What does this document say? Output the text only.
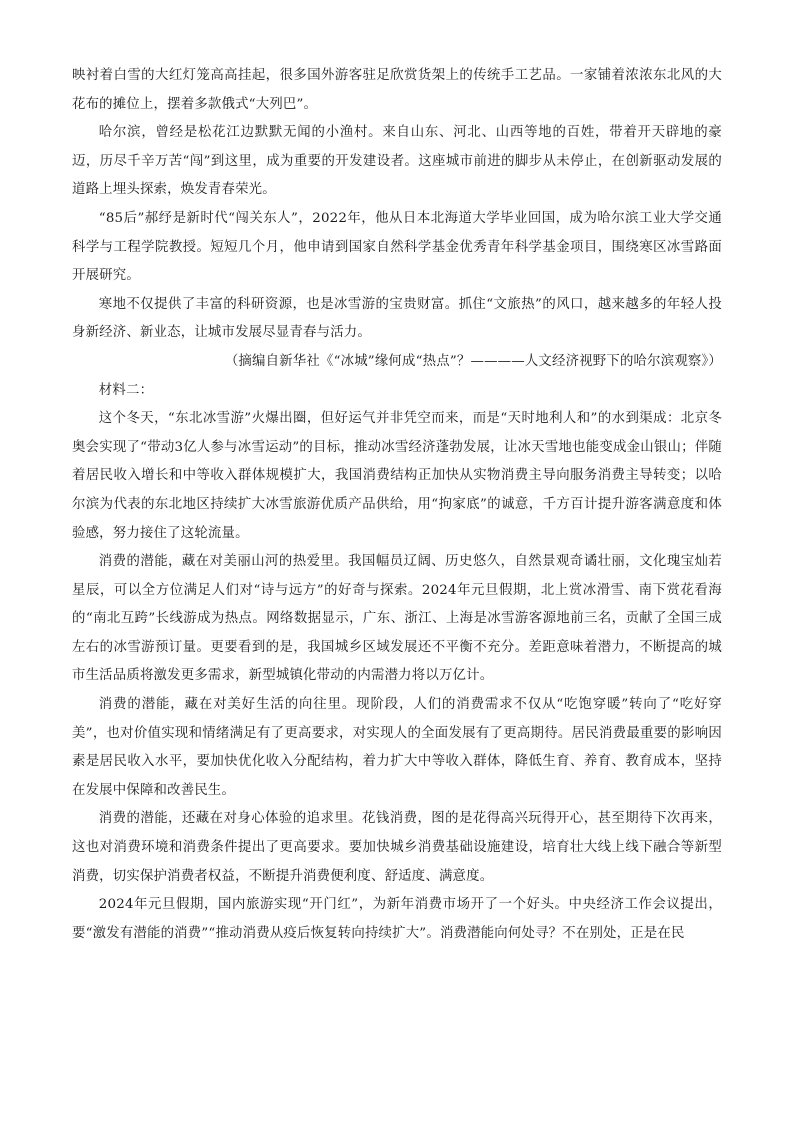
映衬着白雪的大红灯笼高高挂起，很多国外游客驻足欣赏货架上的传统手工艺品。一家铺着浓浓东北风的大花布的摊位上，摆着多款俄式“大列巴”。

哈尔滨，曾经是松花江边默默无闻的小渔村。来自山东、河北、山西等地的百姓，带着开天辟地的豪迈，历尽千辛万苦“闯”到这里，成为重要的开发建设者。这座城市前进的脚步从未停止，在创新驱动发展的道路上埋头探索，焕发青春荣光。

“85后”郝纾是新时代“闯关东人”，2022年，他从日本北海道大学毕业回国，成为哈尔滨工业大学交通科学与工程学院教授。短短几个月，他申请到国家自然科学基金优秀青年科学基金项目，围绕寒区冰雪路面开展研究。

寒地不仅提供了丰富的科研资源，也是冰雪游的宝贵财富。抓住“文旅热”的风口，越来越多的年轻人投身新经济、新业态，让城市发展尽显青春与活力。

（摘编自新华社《“冰城”缘何成“热点”？————人文经济视野下的哈尔滨观察》）

材料二：

这个冬天，“东北冰雪游”火爆出圈，但好运气并非凭空而来，而是“天时地利人和”的水到渠成：北京冬奥会实现了“带动3亿人参与冰雪运动”的目标，推动冰雪经济蓬勃发展，让冰天雪地也能变成金山银山；伴随着居民收入增长和中等收入群体规模扩大，我国消费结构正加快从实物消费主导向服务消费主导转变；以哈尔滨为代表的东北地区持续扩大冰雪旅游优质产品供给，用“拘家底”的诚意，千方百计提升游客满意度和体验感，努力接住了这轮流量。

消费的潜能，藏在对美丽山河的热爱里。我国幅员辽阔、历史悠久，自然景观奇谲壮丽，文化瑰宝灿若星辰，可以全方位满足人们对“诗与远方”的好奇与探索。2024年元旦假期，北上赏冰滑雪、南下赏花看海的“南北互跨”长线游成为热点。网络数据显示，广东、浙江、上海是冰雪游客源地前三名，贡献了全国三成左右的冰雪游预订量。更要看到的是，我国城乡区域发展还不平衡不充分。差距意味着潜力，不断提高的城市生活品质将激发更多需求，新型城镇化带动的内需潜力将以万亿计。

消费的潜能，藏在对美好生活的向往里。现阶段，人们的消费需求不仅从“吃饱穿暖”转向了“吃好穿美”，也对价值实现和情绪满足有了更高要求，对实现人的全面发展有了更高期待。居民消费最重要的影响因素是居民收入水平，要加快优化收入分配结构，着力扩大中等收入群体，降低生育、养育、教育成本，坚持在发展中保障和改善民生。

消费的潜能，还藏在对身心体验的追求里。花钱消费，图的是花得高兴玩得开心，甚至期待下次再来，这也对消费环境和消费条件提出了更高要求。要加快城乡消费基础设施建设，培育壮大线上线下融合等新型消费，切实保护消费者权益，不断提升消费便利度、舒适度、满意度。

2024年元旦假期，国内旅游实现“开门红”，为新年消费市场开了一个好头。中央经济工作会议提出，要“激发有潜能的消费”“推动消费从疫后恢复转向持续扩大”。消费潜能向何处寻？不在别处，正是在民
